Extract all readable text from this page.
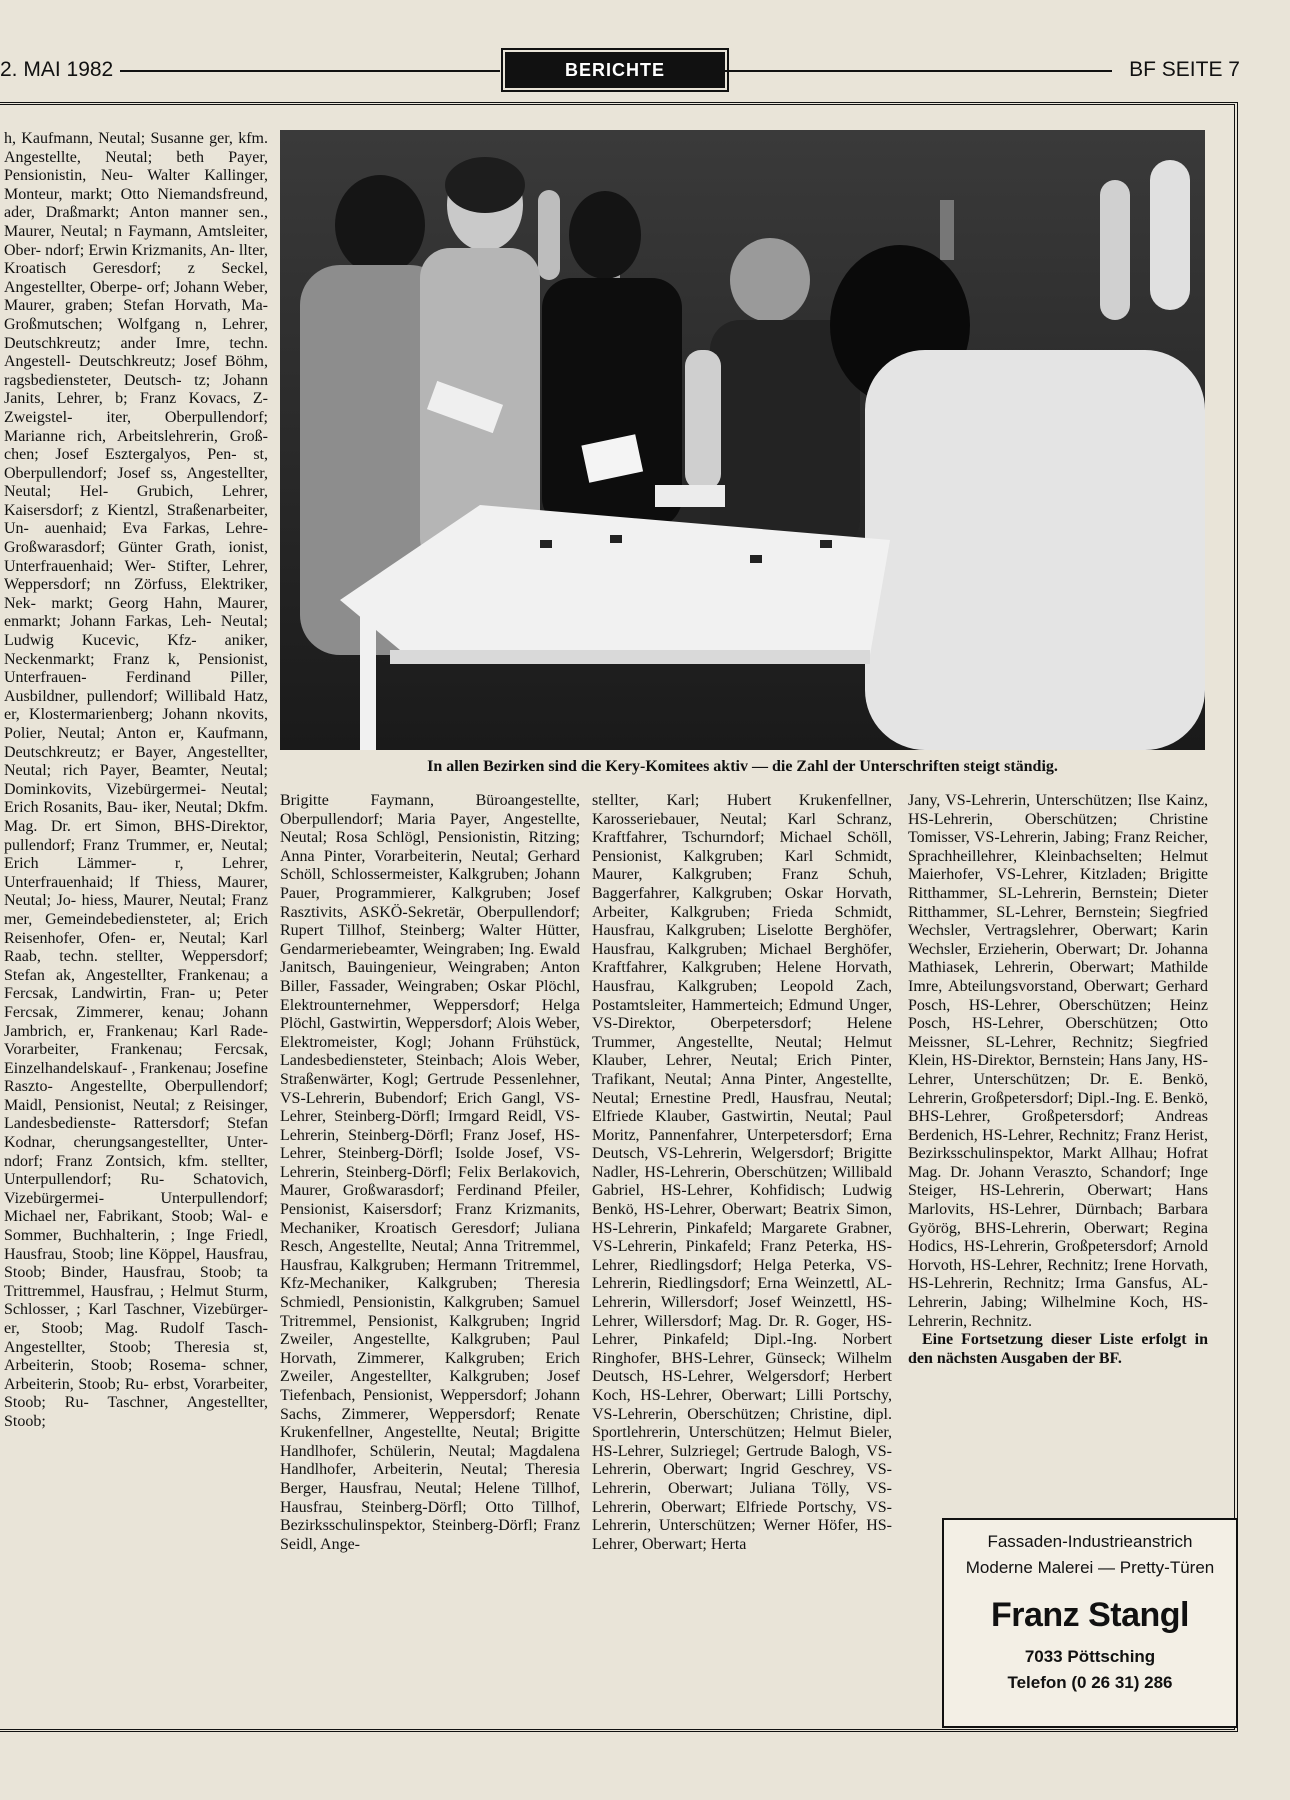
2. MAI 1982	BERICHTE	BF SEITE 7

h, Kaufmann, Neutal; Susanne ger, kfm. Angestellte, Neutal; beth Payer, Pensionistin, Neu- Walter Kallinger, Monteur, markt; Otto Niemandsfreund, ader, Draßmarkt; Anton manner sen., Maurer, Neutal; n Faymann, Amtsleiter, Ober- ndorf; Erwin Krizmanits, An- llter, Kroatisch Geresdorf; z Seckel, Angestellter, Oberpe- orf; Johann Weber, Maurer, graben; Stefan Horvath, Ma- Großmutschen; Wolfgang n, Lehrer, Deutschkreutz; ander Imre, techn. Angestell- Deutschkreutz; Josef Böhm, ragsbediensteter, Deutsch- tz; Johann Janits, Lehrer, b; Franz Kovacs, Z-Zweigstel- iter, Oberpullendorf; Marianne rich, Arbeitslehrerin, Groß- chen; Josef Esztergalyos, Pen- st, Oberpullendorf; Josef ss, Angestellter, Neutal; Hel- Grubich, Lehrer, Kaisersdorf; z Kientzl, Straßenarbeiter, Un- auenhaid; Eva Farkas, Lehre- Großwarasdorf; Günter Grath, ionist, Unterfrauenhaid; Wer- Stifter, Lehrer, Weppersdorf; nn Zörfuss, Elektriker, Nek- markt; Georg Hahn, Maurer, enmarkt; Johann Farkas, Leh- Neutal; Ludwig Kucevic, Kfz- aniker, Neckenmarkt; Franz k, Pensionist, Unterfrauen- Ferdinand Piller, Ausbildner, pullendorf; Willibald Hatz, er, Klostermarienberg; Johann nkovits, Polier, Neutal; Anton er, Kaufmann, Deutschkreutz; er Bayer, Angestellter, Neutal; rich Payer, Beamter, Neutal; Dominkovits, Vizebürgermei- Neutal; Erich Rosanits, Bau- iker, Neutal; Dkfm. Mag. Dr. ert Simon, BHS-Direktor, pullendorf; Franz Trummer, er, Neutal; Erich Lämmer- r, Lehrer, Unterfrauenhaid; lf Thiess, Maurer, Neutal; Jo- hiess, Maurer, Neutal; Franz mer, Gemeindebediensteter, al; Erich Reisenhofer, Ofen- er, Neutal; Karl Raab, techn. stellter, Weppersdorf; Stefan ak, Angestellter, Frankenau; a Fercsak, Landwirtin, Fran- u; Peter Fercsak, Zimmerer, kenau; Johann Jambrich, er, Frankenau; Karl Rade- Vorarbeiter, Frankenau; Fercsak, Einzelhandelskauf- , Frankenau; Josefine Raszto- Angestellte, Oberpullendorf; Maidl, Pensionist, Neutal; z Reisinger, Landesbedienste- Rattersdorf; Stefan Kodnar, cherungsangestellter, Unter- ndorf; Franz Zontsich, kfm. stellter, Unterpullendorf; Ru- Schatovich, Vizebürgermei- Unterpullendorf; Michael ner, Fabrikant, Stoob; Wal- e Sommer, Buchhalterin, ; Inge Friedl, Hausfrau, Stoob; line Köppel, Hausfrau, Stoob; Binder, Hausfrau, Stoob; ta Trittremmel, Hausfrau, ; Helmut Sturm, Schlosser, ; Karl Taschner, Vizebürger- er, Stoob; Mag. Rudolf Tasch- Angestellter, Stoob; Theresia st, Arbeiterin, Stoob; Rosema- schner, Arbeiterin, Stoob; Ru- erbst, Vorarbeiter, Stoob; Ru- Taschner, Angestellter, Stoob;

In allen Bezirken sind die Kery-Komitees aktiv — die Zahl der Unterschriften steigt ständig.

Brigitte Faymann, Büroangestellte, Oberpullendorf; Maria Payer, Angestellte, Neutal; Rosa Schlögl, Pensionistin, Ritzing; Anna Pinter, Vorarbeiterin, Neutal; Gerhard Schöll, Schlossermeister, Kalkgruben; Johann Pauer, Programmierer, Kalkgruben; Josef Rasztivits, ASKÖ-Sekretär, Oberpullendorf; Rupert Tillhof, Steinberg; Walter Hütter, Gendarmeriebeamter, Weingraben; Ing. Ewald Janitsch, Bauingenieur, Weingraben; Anton Biller, Fassader, Weingraben; Oskar Plöchl, Elektrounternehmer, Weppersdorf; Helga Plöchl, Gastwirtin, Weppersdorf; Alois Weber, Elektromeister, Kogl; Johann Frühstück, Landesbediensteter, Steinbach; Alois Weber, Straßenwärter, Kogl; Gertrude Pessenlehner, VS-Lehrerin, Bubendorf; Erich Gangl, VS-Lehrer, Steinberg-Dörfl; Irmgard Reidl, VS-Lehrerin, Steinberg-Dörfl; Franz Josef, HS-Lehrer, Steinberg-Dörfl; Isolde Josef, VS-Lehrerin, Steinberg-Dörfl; Felix Berlakovich, Maurer, Großwarasdorf; Ferdinand Pfeiler, Pensionist, Kaisersdorf; Franz Krizmanits, Mechaniker, Kroatisch Geresdorf; Juliana Resch, Angestellte, Neutal; Anna Tritremmel, Hausfrau, Kalkgruben; Hermann Tritremmel, Kfz-Mechaniker, Kalkgruben; Theresia Schmiedl, Pensionistin, Kalkgruben; Samuel Tritremmel, Pensionist, Kalkgruben; Ingrid Zweiler, Angestellte, Kalkgruben; Paul Horvath, Zimmerer, Kalkgruben; Erich Zweiler, Angestellter, Kalkgruben; Josef Tiefenbach, Pensionist, Weppersdorf; Johann Sachs, Zimmerer, Weppersdorf; Renate Krukenfellner, Angestellte, Neutal; Brigitte Handlhofer, Schülerin, Neutal; Magdalena Handlhofer, Arbeiterin, Neutal; Theresia Berger, Hausfrau, Neutal; Helene Tillhof, Hausfrau, Steinberg-Dörfl; Otto Tillhof, Bezirksschulinspektor, Steinberg-Dörfl; Franz Seidl, Ange-

stellter, Karl; Hubert Krukenfellner, Karosseriebauer, Neutal; Karl Schranz, Kraftfahrer, Tschurndorf; Michael Schöll, Pensionist, Kalkgruben; Karl Schmidt, Maurer, Kalkgruben; Franz Schuh, Baggerfahrer, Kalkgruben; Oskar Horvath, Arbeiter, Kalkgruben; Frieda Schmidt, Hausfrau, Kalkgruben; Liselotte Berghöfer, Hausfrau, Kalkgruben; Michael Berghöfer, Kraftfahrer, Kalkgruben; Helene Horvath, Hausfrau, Kalkgruben; Leopold Zach, Postamtsleiter, Hammerteich; Edmund Unger, VS-Direktor, Oberpetersdorf; Helene Trummer, Angestellte, Neutal; Helmut Klauber, Lehrer, Neutal; Erich Pinter, Trafikant, Neutal; Anna Pinter, Angestellte, Neutal; Ernestine Predl, Hausfrau, Neutal; Elfriede Klauber, Gastwirtin, Neutal; Paul Moritz, Pannenfahrer, Unterpetersdorf; Erna Deutsch, VS-Lehrerin, Welgersdorf; Brigitte Nadler, HS-Lehrerin, Oberschützen; Willibald Gabriel, HS-Lehrer, Kohfidisch; Ludwig Benkö, HS-Lehrer, Oberwart; Beatrix Simon, HS-Lehrerin, Pinkafeld; Margarete Grabner, VS-Lehrerin, Pinkafeld; Franz Peterka, HS-Lehrer, Riedlingsdorf; Helga Peterka, VS-Lehrerin, Riedlingsdorf; Erna Weinzettl, AL-Lehrerin, Willersdorf; Josef Weinzettl, HS-Lehrer, Willersdorf; Mag. Dr. R. Goger, HS-Lehrer, Pinkafeld; Dipl.-Ing. Norbert Ringhofer, BHS-Lehrer, Günseck; Wilhelm Deutsch, HS-Lehrer, Welgersdorf; Herbert Koch, HS-Lehrer, Oberwart; Lilli Portschy, VS-Lehrerin, Oberschützen; Christine, dipl. Sportlehrerin, Unterschützen; Helmut Bieler, HS-Lehrer, Sulzriegel; Gertrude Balogh, VS-Lehrerin, Oberwart; Ingrid Geschrey, VS-Lehrerin, Oberwart; Juliana Tölly, VS-Lehrerin, Oberwart; Elfriede Portschy, VS-Lehrerin, Unterschützen; Werner Höfer, HS-Lehrer, Oberwart; Herta

Jany, VS-Lehrerin, Unterschützen; Ilse Kainz, HS-Lehrerin, Oberschützen; Christine Tomisser, VS-Lehrerin, Jabing; Franz Reicher, Sprachheillehrer, Kleinbachselten; Helmut Maierhofer, VS-Lehrer, Kitzladen; Brigitte Ritthammer, SL-Lehrerin, Bernstein; Dieter Ritthammer, SL-Lehrer, Bernstein; Siegfried Wechsler, Vertragslehrer, Oberwart; Karin Wechsler, Erzieherin, Oberwart; Dr. Johanna Mathiasek, Lehrerin, Oberwart; Mathilde Imre, Abteilungsvorstand, Oberwart; Gerhard Posch, HS-Lehrer, Oberschützen; Heinz Posch, HS-Lehrer, Oberschützen; Otto Meissner, SL-Lehrer, Rechnitz; Siegfried Klein, HS-Direktor, Bernstein; Hans Jany, HS-Lehrer, Unterschützen; Dr. E. Benkö, Lehrerin, Großpetersdorf; Dipl.-Ing. E. Benkö, BHS-Lehrer, Großpetersdorf; Andreas Berdenich, HS-Lehrer, Rechnitz; Franz Herist, Bezirksschulinspektor, Markt Allhau; Hofrat Mag. Dr. Johann Veraszto, Schandorf; Inge Steiger, HS-Lehrerin, Oberwart; Hans Marlovits, HS-Lehrer, Dürnbach; Barbara Györög, BHS-Lehrerin, Oberwart; Regina Hodics, HS-Lehrerin, Großpetersdorf; Arnold Horvoth, HS-Lehrer, Rechnitz; Irene Horvath, HS-Lehrerin, Rechnitz; Irma Gansfus, AL-Lehrerin, Jabing; Wilhelmine Koch, HS-Lehrerin, Rechnitz.

Eine Fortsetzung dieser Liste erfolgt in den nächsten Ausgaben der BF.

Fassaden-Industrieanstrich
Moderne Malerei — Pretty-Türen
Franz Stangl
7033 Pöttsching
Telefon (0 26 31) 286
